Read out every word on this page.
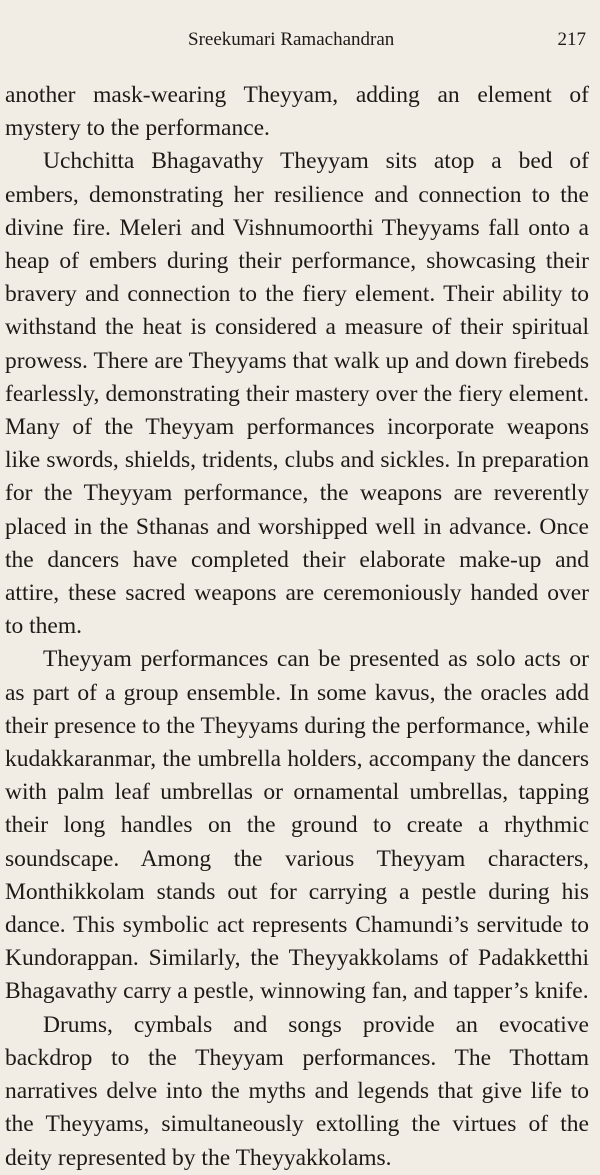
Sreekumari Ramachandran	217

another mask-wearing Theyyam, adding an element of mystery to the performance.

Uchchitta Bhagavathy Theyyam sits atop a bed of embers, demonstrating her resilience and connection to the divine fire. Meleri and Vishnumoorthi Theyyams fall onto a heap of embers during their performance, showcasing their bravery and connection to the fiery element. Their ability to withstand the heat is considered a measure of their spiritual prowess. There are Theyyams that walk up and down firebeds fearlessly, demonstrating their mastery over the fiery element. Many of the Theyyam performances incorporate weapons like swords, shields, tridents, clubs and sickles. In preparation for the Theyyam performance, the weapons are reverently placed in the Sthanas and worshipped well in advance. Once the dancers have completed their elaborate make-up and attire, these sacred weapons are ceremoniously handed over to them.

Theyyam performances can be presented as solo acts or as part of a group ensemble. In some kavus, the oracles add their presence to the Theyyams during the performance, while kudakkaranmar, the umbrella holders, accompany the dancers with palm leaf umbrellas or ornamental umbrellas, tapping their long handles on the ground to create a rhythmic soundscape. Among the various Theyyam characters, Monthikkolam stands out for carrying a pestle during his dance. This symbolic act represents Chamundi’s servitude to Kundorappan. Similarly, the Theyyakkolams of Padakketthi Bhagavathy carry a pestle, winnowing fan, and tapper’s knife.

Drums, cymbals and songs provide an evocative backdrop to the Theyyam performances. The Thottam narratives delve into the myths and legends that give life to the Theyyams, simultaneously extolling the virtues of the deity represented by the Theyyakkolams.
